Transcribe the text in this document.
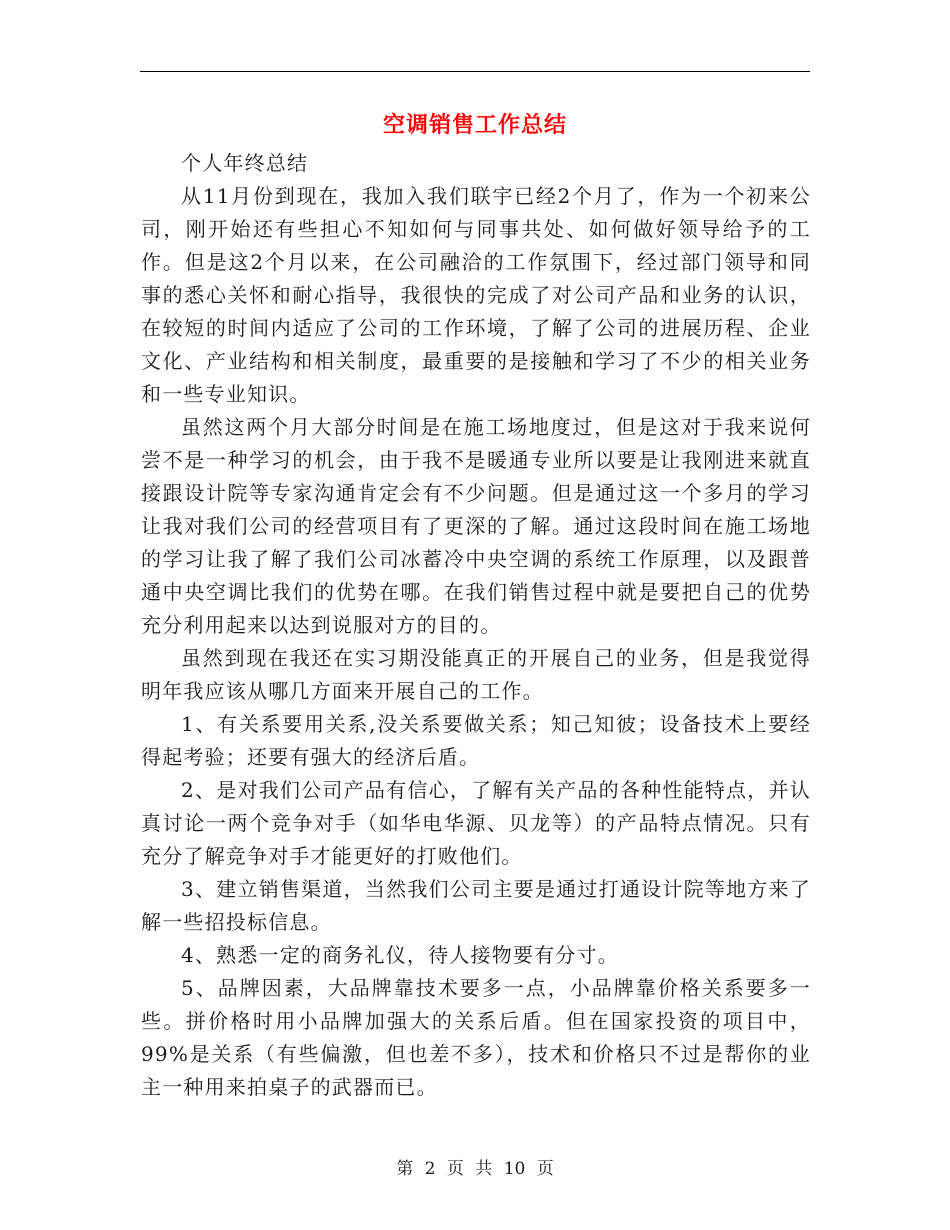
空调销售工作总结

个人年终总结

从11月份到现在，我加入我们联宇已经2个月了，作为一个初来公司，刚开始还有些担心不知如何与同事共处、如何做好领导给予的工作。但是这2个月以来，在公司融洽的工作氛围下，经过部门领导和同事的悉心关怀和耐心指导，我很快的完成了对公司产品和业务的认识，在较短的时间内适应了公司的工作环境，了解了公司的进展历程、企业文化、产业结构和相关制度，最重要的是接触和学习了不少的相关业务和一些专业知识。

虽然这两个月大部分时间是在施工场地度过，但是这对于我来说何尝不是一种学习的机会，由于我不是暖通专业所以要是让我刚进来就直接跟设计院等专家沟通肯定会有不少问题。但是通过这一个多月的学习让我对我们公司的经营项目有了更深的了解。通过这段时间在施工场地的学习让我了解了我们公司冰蓄冷中央空调的系统工作原理，以及跟普通中央空调比我们的优势在哪。在我们销售过程中就是要把自己的优势充分利用起来以达到说服对方的目的。

虽然到现在我还在实习期没能真正的开展自己的业务，但是我觉得明年我应该从哪几方面来开展自己的工作。

1、有关系要用关系,没关系要做关系；知己知彼；设备技术上要经得起考验；还要有强大的经济后盾。

2、是对我们公司产品有信心，了解有关产品的各种性能特点，并认真讨论一两个竞争对手（如华电华源、贝龙等）的产品特点情况。只有充分了解竞争对手才能更好的打败他们。

3、建立销售渠道，当然我们公司主要是通过打通设计院等地方来了解一些招投标信息。

4、熟悉一定的商务礼仪，待人接物要有分寸。

5、品牌因素，大品牌靠技术要多一点，小品牌靠价格关系要多一些。拼价格时用小品牌加强大的关系后盾。但在国家投资的项目中，99%是关系（有些偏激，但也差不多），技术和价格只不过是帮你的业主一种用来拍桌子的武器而已。

第 2 页 共 10 页
